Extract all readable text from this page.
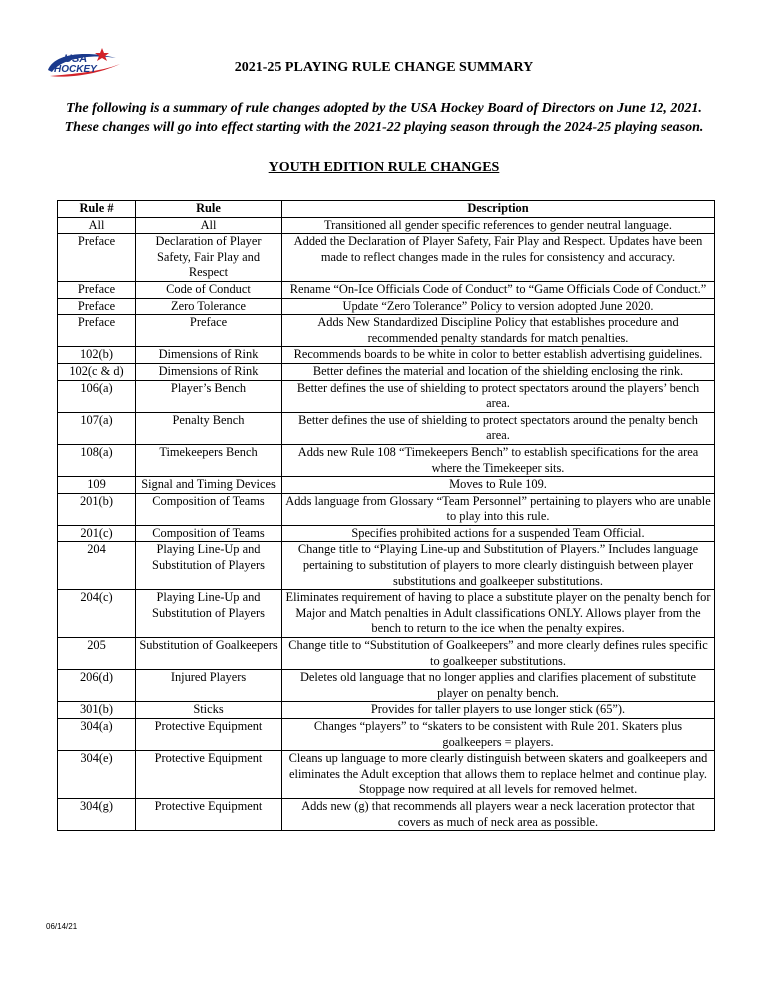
USA
HOCKEY	2021-25 PLAYING RULE CHANGE SUMMARY
The following is a summary of rule changes adopted by the USA Hockey Board of Directors on June 12, 2021. These changes will go into effect starting with the 2021-22 playing season through the 2024-25 playing season.
YOUTH EDITION RULE CHANGES
Rule #	Rule	Description
All	All	Transitioned all gender specific references to gender neutral language.
Preface	Declaration of Player Safety, Fair Play and Respect	Added the Declaration of Player Safety, Fair Play and Respect. Updates have been made to reflect changes made in the rules for consistency and accuracy.
Preface	Code of Conduct	Rename “On-Ice Officials Code of Conduct” to “Game Officials Code of Conduct.”
Preface	Zero Tolerance	Update “Zero Tolerance” Policy to version adopted June 2020.
Preface	Preface	Adds New Standardized Discipline Policy that establishes procedure and recommended penalty standards for match penalties.
102(b)	Dimensions of Rink	Recommends boards to be white in color to better establish advertising guidelines.
102(c & d)	Dimensions of Rink	Better defines the material and location of the shielding enclosing the rink.
106(a)	Player’s Bench	Better defines the use of shielding to protect spectators around the players’ bench area.
107(a)	Penalty Bench	Better defines the use of shielding to protect spectators around the penalty bench area.
108(a)	Timekeepers Bench	Adds new Rule 108 “Timekeepers Bench” to establish specifications for the area where the Timekeeper sits.
109	Signal and Timing Devices	Moves to Rule 109.
201(b)	Composition of Teams	Adds language from Glossary “Team Personnel” pertaining to players who are unable to play into this rule.
201(c)	Composition of Teams	Specifies prohibited actions for a suspended Team Official.
204	Playing Line-Up and Substitution of Players	Change title to “Playing Line-up and Substitution of Players.” Includes language pertaining to substitution of players to more clearly distinguish between player substitutions and goalkeeper substitutions.
204(c)	Playing Line-Up and Substitution of Players	Eliminates requirement of having to place a substitute player on the penalty bench for Major and Match penalties in Adult classifications ONLY. Allows player from the bench to return to the ice when the penalty expires.
205	Substitution of Goalkeepers	Change title to “Substitution of Goalkeepers” and more clearly defines rules specific to goalkeeper substitutions.
206(d)	Injured Players	Deletes old language that no longer applies and clarifies placement of substitute player on penalty bench.
301(b)	Sticks	Provides for taller players to use longer stick (65”).
304(a)	Protective Equipment	Changes “players” to “skaters to be consistent with Rule 201. Skaters plus goalkeepers = players.
304(e)	Protective Equipment	Cleans up language to more clearly distinguish between skaters and goalkeepers and eliminates the Adult exception that allows them to replace helmet and continue play. Stoppage now required at all levels for removed helmet.
304(g)	Protective Equipment	Adds new (g) that recommends all players wear a neck laceration protector that covers as much of neck area as possible.
06/14/21
